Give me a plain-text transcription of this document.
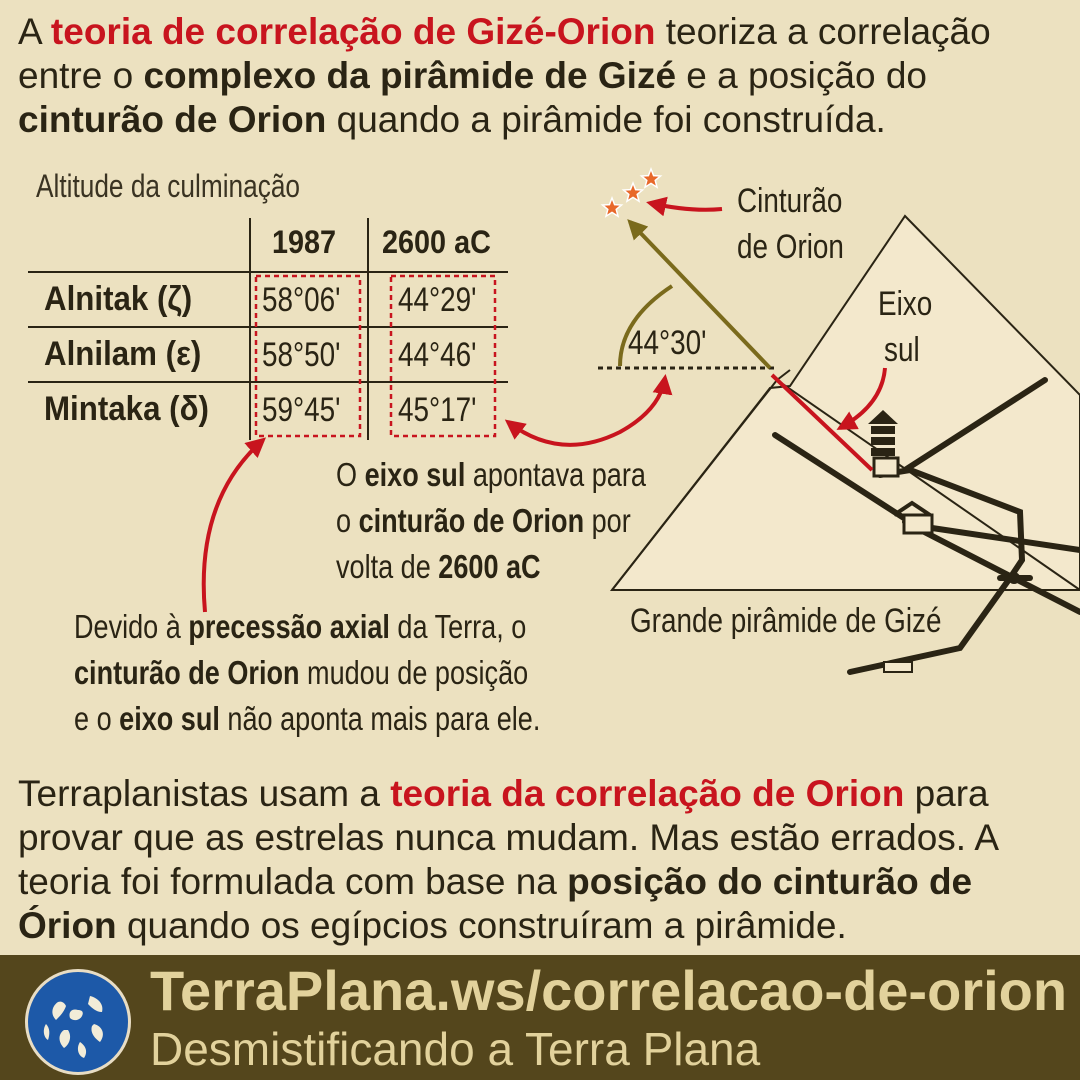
A teoria de correlação de Gizé-Orion teoriza a correlação entre o complexo da pirâmide de Gizé e a posição do cinturão de Orion quando a pirâmide foi construída.

Altitude da culminação
1987 2600 aC
Alnitak (ζ)
Alnilam (ε)
Mintaka (δ)
58°06'
58°50'
59°45'
44°29'
44°46'
45°17'
44°30'
Cinturão
de Orion
Eixo
sul
Grande pirâmide de Gizé
O eixo sul apontava para
o cinturão de Orion por
volta de 2600 aC
Devido à precessão axial da Terra, o
cinturão de Orion mudou de posição
e o eixo sul não aponta mais para ele.

Terraplanistas usam a teoria da correlação de Orion para provar que as estrelas nunca mudam. Mas estão errados. A teoria foi formulada com base na posição do cinturão de Órion quando os egípcios construíram a pirâmide.

TerraPlana.ws/correlacao-de-orion
Desmistificando a Terra Plana
